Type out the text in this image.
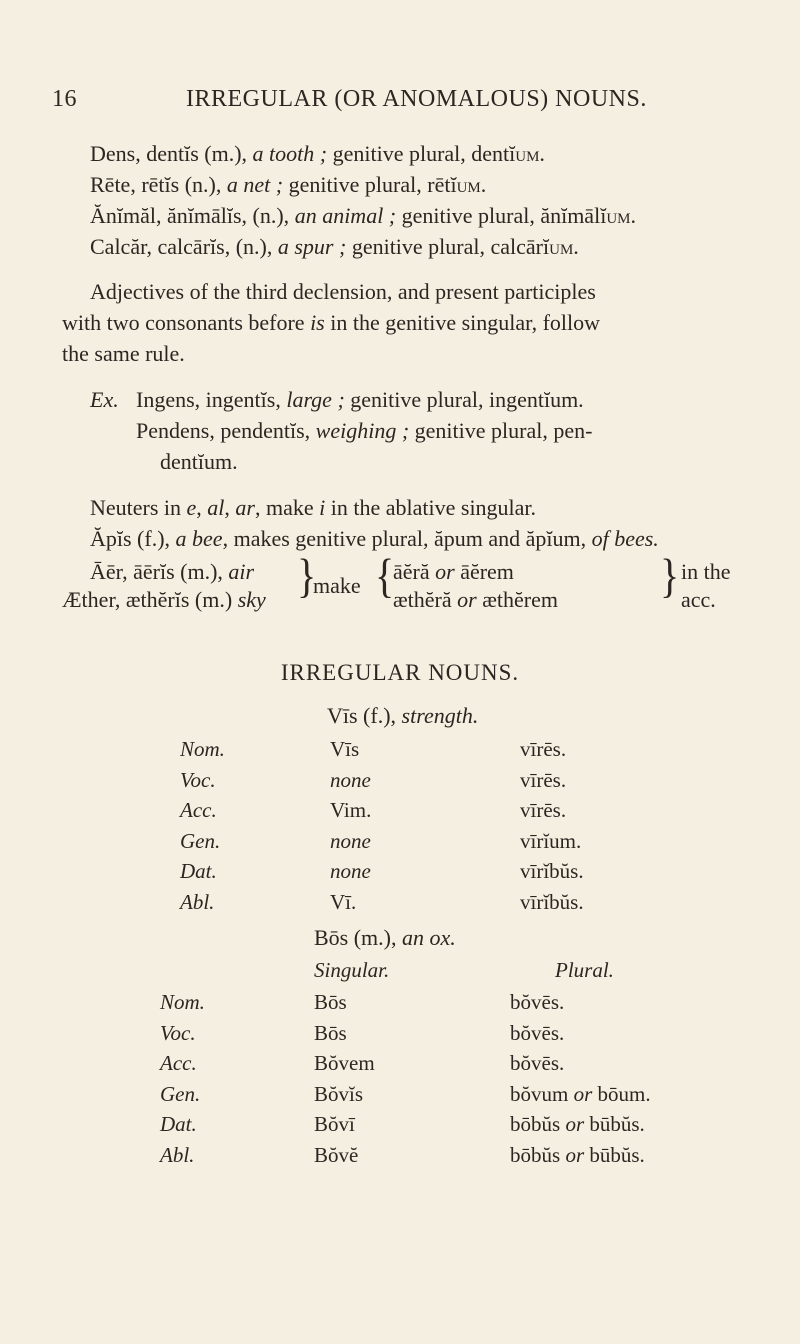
16	IRREGULAR (OR ANOMALOUS) NOUNS.
Dens, dentĭs (m.), a tooth ; genitive plural, dentĭum.
Rēte, rētĭs (n.), a net ; genitive plural, rētĭum.
Ănĭmăl, ănĭmālĭs, (n.), an animal ; genitive plural, ănĭmālĭum.
Calcăr, calcārĭs, (n.), a spur ; genitive plural, calcārĭum.
Adjectives of the third declension, and present participles
with two consonants before is in the genitive singular, follow
the same rule.
Ex. Ingens, ingentĭs, large ; genitive plural, ingentĭum.
Pendens, pendentĭs, weighing ; genitive plural, pen-
dentĭum.
Neuters in e, al, ar, make i in the ablative singular.
Ăpĭs (f.), a bee, makes genitive plural, ăpum and ăpĭum, of bees.
Āēr, āērĭs (m.), air
Æther, æthĕrĭs (m.) sky }
make {
āĕră or āĕrem
æthĕră or æthĕrem	} in the
acc.
IRREGULAR NOUNS.
Vīs (f.), strength.
Nom.	Vīs	vīrēs.
Voc.	none	vīrēs.
Acc.	Vim.	vīrēs.
Gen.	none	vīrĭum.
Dat.	none	vīrĭbŭs.
Abl.	Vī.	vīrĭbŭs.
Bōs (m.), an ox.
Singular.	Plural.
Nom.	Bōs	bŏvēs.
Voc.	Bōs	bŏvēs.
Acc.	Bŏvem	bŏvēs.
Gen.	Bŏvĭs	bŏvum or bōum.
Dat.	Bŏvī	bōbŭs or būbŭs.
Abl.	Bŏvĕ	bōbŭs or būbŭs.
